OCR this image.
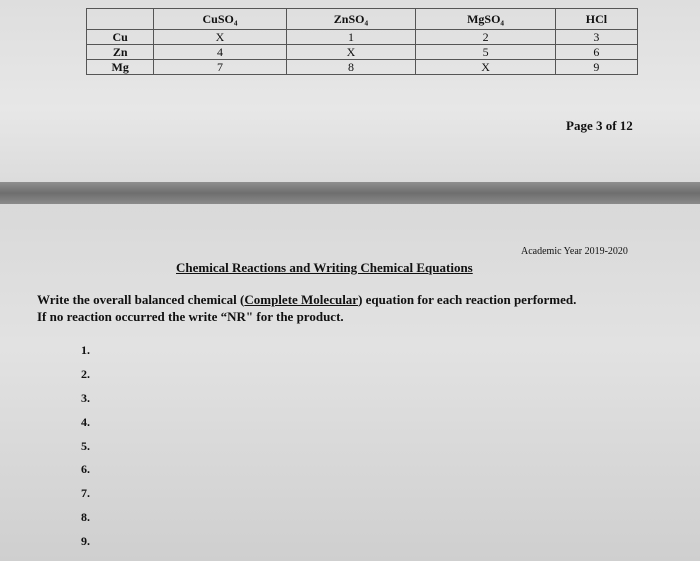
	CuSO₄	ZnSO₄	MgSO₄	HCl
Cu	X	1	2	3
Zn	4	X	5	6
Mg	7	8	X	9
Page 3 of 12
Academic Year 2019-2020
Chemical Reactions and Writing Chemical Equations
Write the overall balanced chemical (Complete Molecular) equation for each reaction performed.
If no reaction occurred the write “NR" for the product.
1.
2.
3.
4.
5.
6.
7.
8.
9.
